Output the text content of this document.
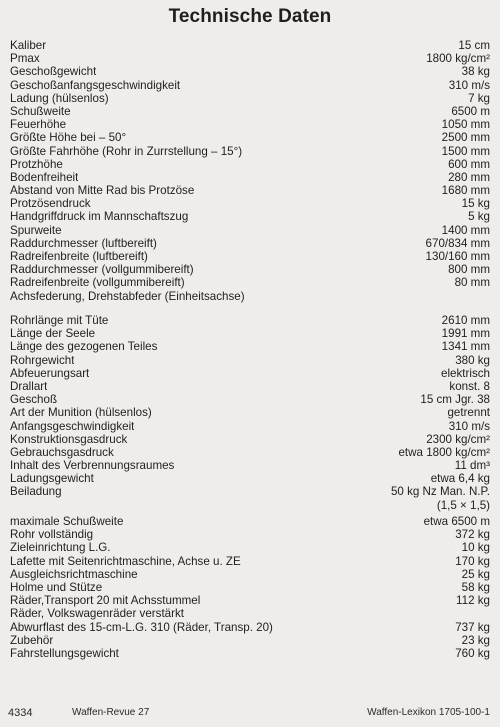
Technische Daten
Kaliber	15 cm
Pmax	1800 kg/cm²
Geschoßgewicht	38 kg
Geschoßanfangsgeschwindigkeit	310 m/s
Ladung (hülsenlos)	7 kg
Schußweite	6500 m
Feuerhöhe	1050 mm
Größte Höhe bei – 50°	2500 mm
Größte Fahrhöhe (Rohr in Zurrstellung – 15°)	1500 mm
Protzhöhe	600 mm
Bodenfreiheit	280 mm
Abstand von Mitte Rad bis Protzöse	1680 mm
Protzösendruck	15 kg
Handgriffdruck im Mannschaftszug	5 kg
Spurweite	1400 mm
Raddurchmesser (luftbereift)	670/834 mm
Radreifenbreite (luftbereift)	130/160 mm
Raddurchmesser (vollgummibereift)	800 mm
Radreifenbreite (vollgummibereift)	80 mm
Achsfederung, Drehstabfeder (Einheitsachse)
Rohrlänge mit Tüte	2610 mm
Länge der Seele	1991 mm
Länge des gezogenen Teiles	1341 mm
Rohrgewicht	380 kg
Abfeuerungsart	elektrisch
Drallart	konst. 8
Geschoß	15 cm Jgr. 38
Art der Munition (hülsenlos)	getrennt
Anfangsgeschwindigkeit	310 m/s
Konstruktionsgasdruck	2300 kg/cm²
Gebrauchsgasdruck	etwa 1800 kg/cm²
Inhalt des Verbrennungsraumes	11 dm³
Ladungsgewicht	etwa 6,4 kg
Beiladung	50 kg Nz Man. N.P.
(1,5 × 1,5)
maximale Schußweite	etwa 6500 m
Rohr vollständig	372 kg
Zieleinrichtung L.G.	10 kg
Lafette mit Seitenrichtmaschine, Achse u. ZE	170 kg
Ausgleichsrichtmaschine	25 kg
Holme und Stütze	58 kg
Räder,Transport 20 mit Achsstummel	112 kg
Räder, Volkswagenräder verstärkt
Abwurflast des 15-cm-L.G. 310 (Räder, Transp. 20)	737 kg
Zubehör	23 kg
Fahrstellungsgewicht	760 kg
4334	Waffen-Revue 27	Waffen-Lexikon 1705-100-1
